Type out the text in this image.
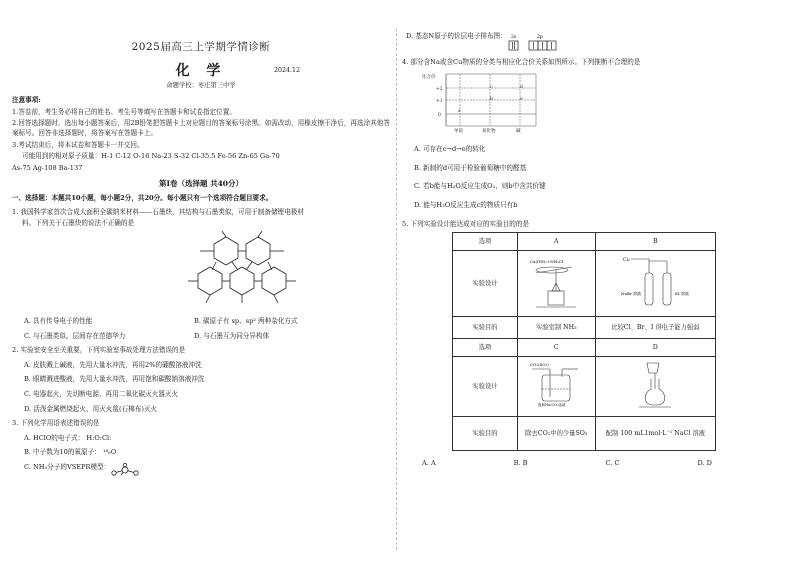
2025届高三上学期学情诊断
化 学	2024.12
命题学校：枣庄第三中学
注意事项:
1.答卷前，考生务必将自己的姓名、考生号等填写在答题卡和试卷指定位置。
2.回答选择题时，选出每小题答案后，用2B铅笔把答题卡上对应题目的答案标号涂黑。如需改动，用橡皮擦干净后，再选涂其他答案标号。回答非选择题时，将答案写在答题卡上。
3.考试结束后，将本试卷和答题卡一并交回。
可能用到的相对原子质量：H-1 C-12 O-16 Na-23 S-32 Cl-35.5 Fe-56 Zn-65 Ga-70
As-75 Ag-108 Ba-137
第Ⅰ卷（选择题 共40分）
一、选择题：本题共10小题，每小题2分，共20分。每小题只有一个选项符合题目要求。
1. 我国科学家首次合成大面积全碳纳米材料——石墨炔，其结构与石墨类似，可用于制备储锂电极材
料。下列关于石墨炔的说法不正确的是
A. 具有传导电子的性能	B. 碳原子有 sp、sp² 两种杂化方式
C. 与石墨类似，层间存在范德华力	D. 与石墨互为同分异构体
2. 实验室安全至关重要，下列实验室事故处理方法错误的是
A. 皮肤溅上碱液，先用大量水冲洗，再用2%的硼酸溶液冲洗
B. 眼睛溅进酸液，先用大量水冲洗，再用饱和碳酸钠溶液冲洗
C. 电器起火，先切断电源，再用二氧化碳灭火器灭火
D. 活泼金属燃烧起火，用灭火毯(石棉布)灭火
3. 下列化学用语表述错误的是
A. HClO的电子式： H:O:Cl:
B. 中子数为10的氧原子： ¹⁸₈O
C. NH₃分子的VSEPR模型：
D. 基态N原子的价层电子排布图： 2s	2p
4. 部分含Na或含Cu物质的分类与相应化合价关系如图所示。下列推断不合理的是
化合价
+2
+1
0
单质	氧化物	碱
a
b
c	d
e
A. 可存在c→d→e的转化
B. 新制的d可用于检验葡萄糖中的醛基
C. 若b能与H₂O反应生成O₂，则b中含共价键
D. 能与H₂O反应生成c的物质只有b
5. 下列实验设计能达成对应的实验目的的是
选项	A	B
实验设计	Ca(OH)₂+NH₄Cl	Cl₂
NaBr 溶液 KI 溶液

实验目的	实验室制 NH₃	比较Cl、Br、I 得电子能力强弱
选项	C	D
实验设计	CO₂(SO₂)
饱和Na₂CO₃溶液

实验目的	除去CO₂中的少量SO₂	配制 100 mL1mol·L⁻¹ NaCl 溶液
A. A	B. B	C. C	D. D
